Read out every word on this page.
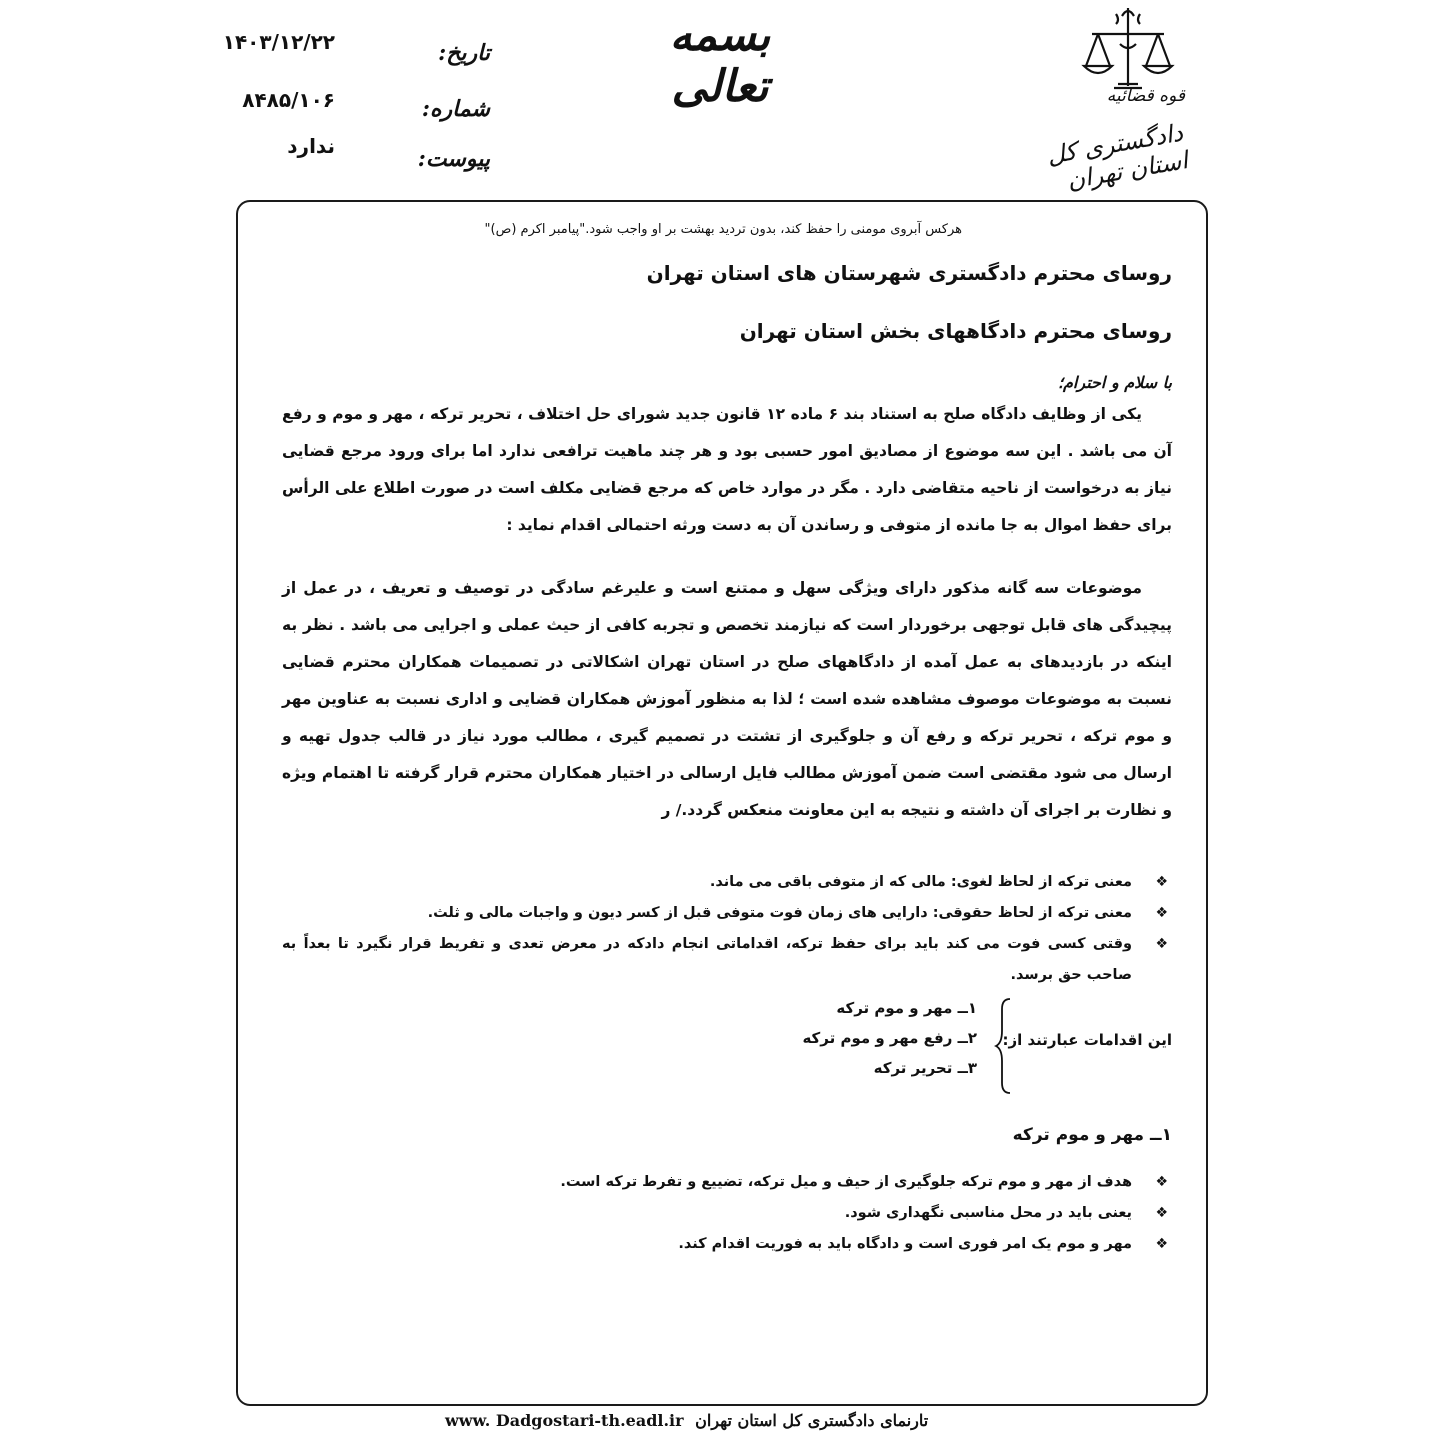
قوه قضائیه
دادگستری کل استان تهران
بسمه تعالی
تاریخ:
۱۴۰۳/۱۲/۲۲
شماره:
۸۴۸۵/۱۰۶
پیوست:
ندارد

هرکس آبروی مومنی را حفظ کند، بدون تردید بهشت بر او واجب شود."پیامبر اکرم (ص)"

روسای محترم دادگستری شهرستان های استان تهران

روسای محترم دادگاههای بخش استان تهران

با سلام و احترام؛

یکی از وظایف دادگاه صلح به استناد بند ۶ ماده ۱۲ قانون جدید شورای حل اختلاف ، تحریر ترکه ، مهر و موم و رفع آن می باشد . این سه موضوع از مصادیق امور حسبی بود و هر چند ماهیت ترافعی ندارد اما برای ورود مرجع قضایی نیاز به درخواست از ناحیه متقاضی دارد . مگر در موارد خاص که مرجع قضایی مکلف است در صورت اطلاع علی الرأس برای حفظ اموال به جا مانده از متوفی و رساندن آن به دست ورثه احتمالی اقدام نماید :

موضوعات سه گانه مذکور دارای ویژگی سهل و ممتنع است و علیرغم سادگی در توصیف و تعریف ، در عمل از پیچیدگی های قابل توجهی برخوردار است که نیازمند تخصص و تجربه کافی از حیث عملی و اجرایی می باشد . نظر به اینکه در بازدیدهای به عمل آمده از دادگاههای صلح در استان تهران اشکالاتی در تصمیمات همکاران محترم قضایی نسبت به موضوعات موصوف مشاهده شده است ؛ لذا به منظور آموزش همکاران قضایی و اداری نسبت به عناوین مهر و موم ترکه ، تحریر ترکه و رفع آن و جلوگیری از تشتت در تصمیم گیری ، مطالب مورد نیاز در قالب جدول تهیه و ارسال می شود مقتضی است ضمن آموزش مطالب فایل ارسالی در اختیار همکاران محترم قرار گرفته تا اهتمام ویژه و نظارت بر اجرای آن داشته و نتیجه به این معاونت منعکس گردد./ ر

❖
معنی ترکه از لحاظ لغوی: مالی که از متوفی باقی می ماند.
❖
معنی ترکه از لحاظ حقوقی: دارایی های زمان فوت متوفی قبل از کسر دیون و واجبات مالی و ثلث.
❖
وقتی کسی فوت می کند باید برای حفظ ترکه، اقداماتی انجام دادکه در معرض تعدی و تفریط قرار نگیرد تا بعداً به صاحب حق برسد.
این اقدامات عبارتند از:
۱ــ مهر و موم ترکه
۲ــ رفع مهر و موم ترکه
۳ــ تحریر ترکه

۱ــ مهر و موم ترکه

❖
هدف از مهر و موم ترکه جلوگیری از حیف و میل ترکه، تضییع و تفرط ترکه است.
❖
یعنی باید در محل مناسبی نگهداری شود.
❖
مهر و موم یک امر فوری است و دادگاه باید به فوریت اقدام کند.
www. Dadgostari-th.eadl.ir تارنمای دادگستری کل استان تهران
